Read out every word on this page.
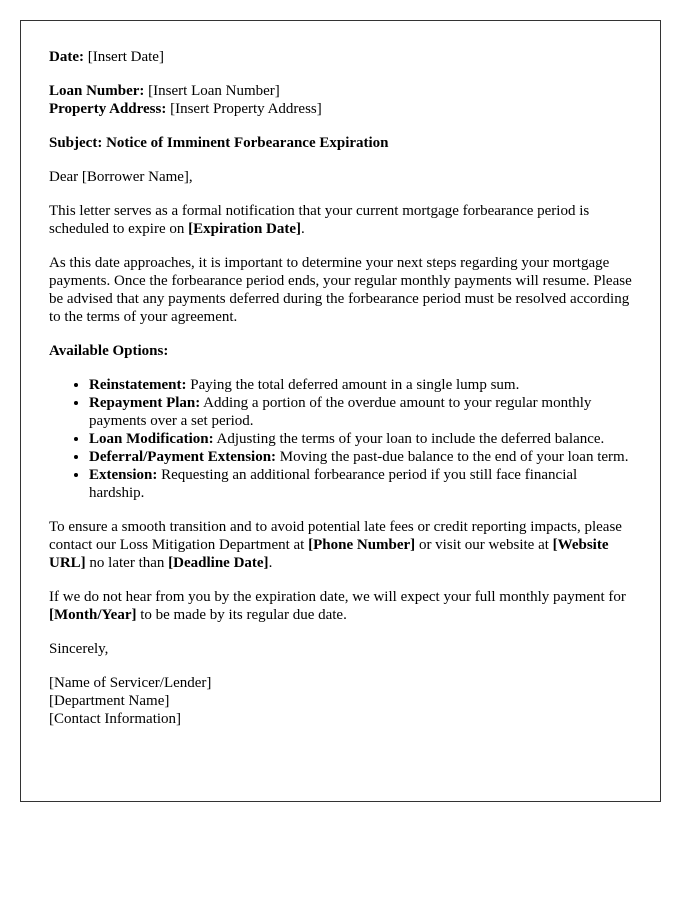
Date: [Insert Date]

Loan Number: [Insert Loan Number]
Property Address: [Insert Property Address]

Subject: Notice of Imminent Forbearance Expiration

Dear [Borrower Name],

This letter serves as a formal notification that your current mortgage forbearance period is scheduled to expire on [Expiration Date].

As this date approaches, it is important to determine your next steps regarding your mortgage payments. Once the forbearance period ends, your regular monthly payments will resume. Please be advised that any payments deferred during the forbearance period must be resolved according to the terms of your agreement.

Available Options:

• Reinstatement: Paying the total deferred amount in a single lump sum.
• Repayment Plan: Adding a portion of the overdue amount to your regular monthly payments over a set period.
• Loan Modification: Adjusting the terms of your loan to include the deferred balance.
• Deferral/Payment Extension: Moving the past-due balance to the end of your loan term.
• Extension: Requesting an additional forbearance period if you still face financial hardship.

To ensure a smooth transition and to avoid potential late fees or credit reporting impacts, please contact our Loss Mitigation Department at [Phone Number] or visit our website at [Website URL] no later than [Deadline Date].

If we do not hear from you by the expiration date, we will expect your full monthly payment for [Month/Year] to be made by its regular due date.

Sincerely,

[Name of Servicer/Lender]
[Department Name]
[Contact Information]
